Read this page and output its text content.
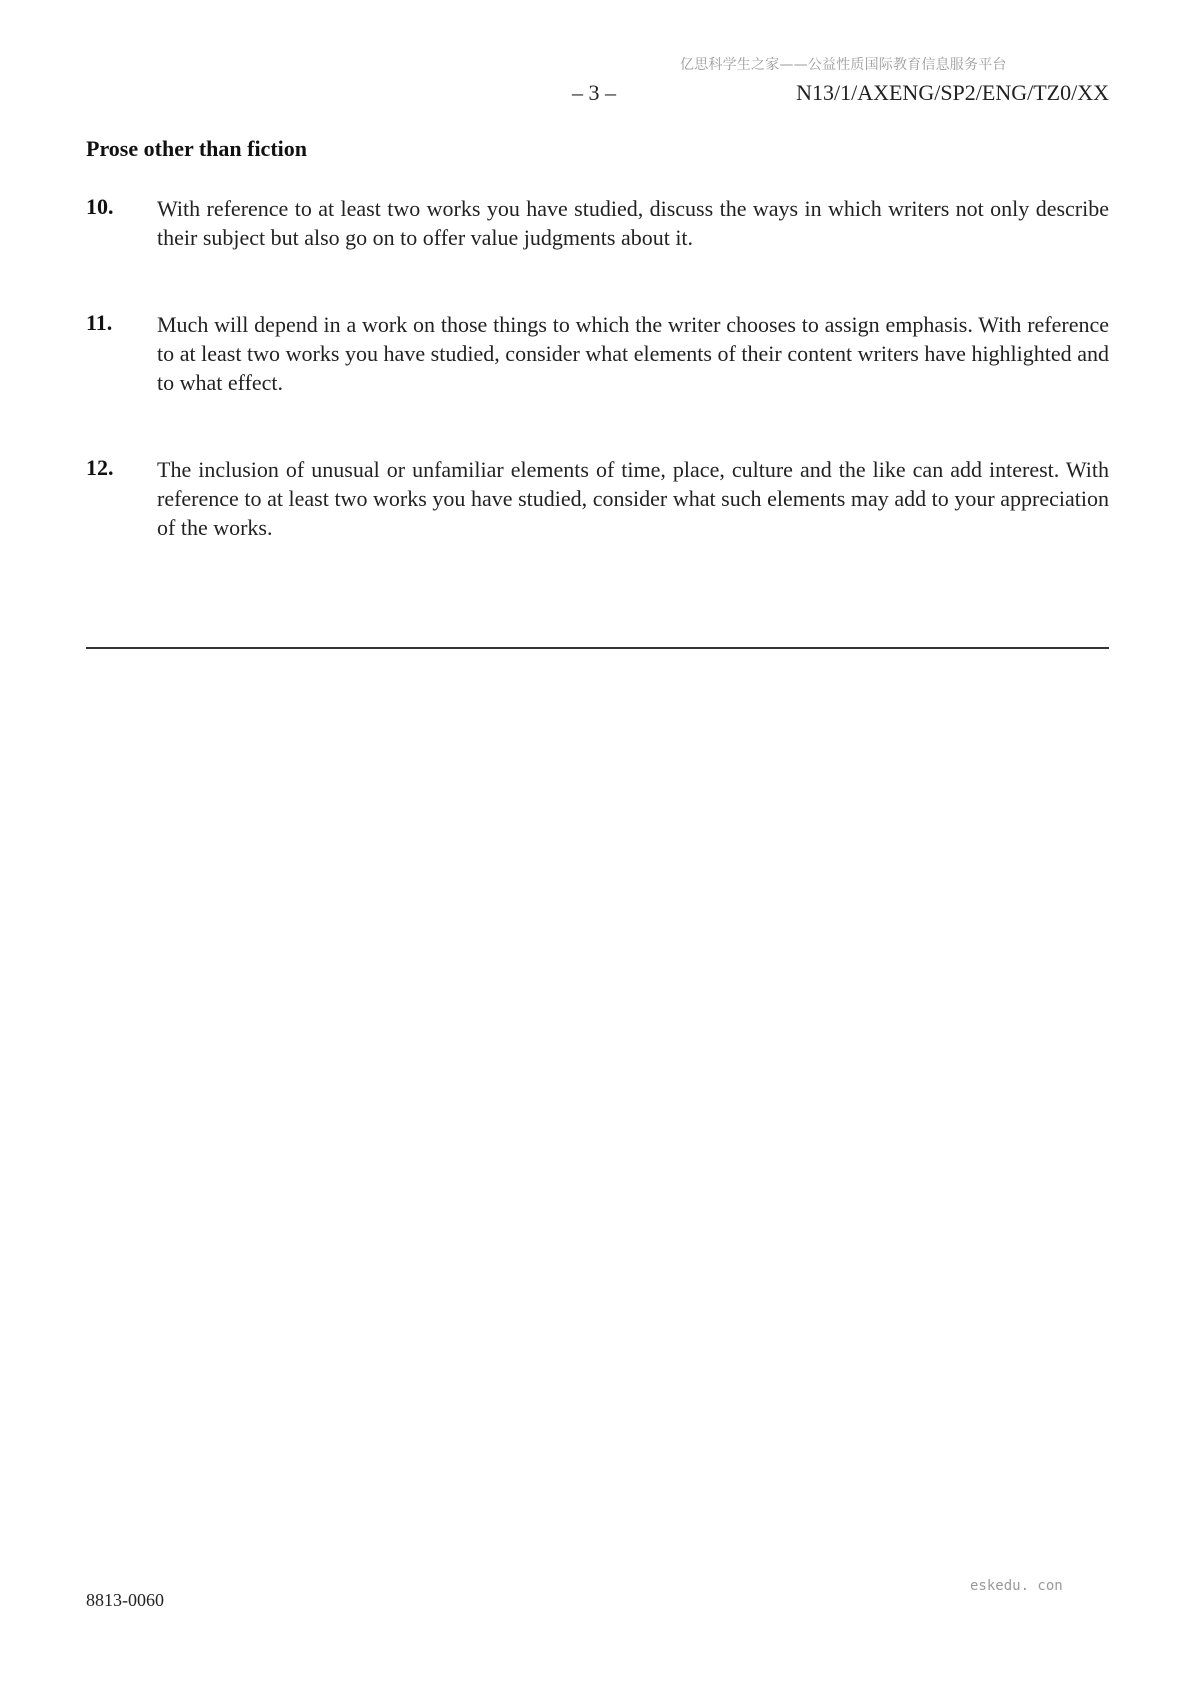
亿思科学生之家——公益性质国际教育信息服务平台
– 3 –	N13/1/AXENG/SP2/ENG/TZ0/XX
Prose other than fiction
10. With reference to at least two works you have studied, discuss the ways in which writers not only describe their subject but also go on to offer value judgments about it.
11. Much will depend in a work on those things to which the writer chooses to assign emphasis. With reference to at least two works you have studied, consider what elements of their content writers have highlighted and to what effect.
12. The inclusion of unusual or unfamiliar elements of time, place, culture and the like can add interest. With reference to at least two works you have studied, consider what such elements may add to your appreciation of the works.
eskedu. con
8813-0060
